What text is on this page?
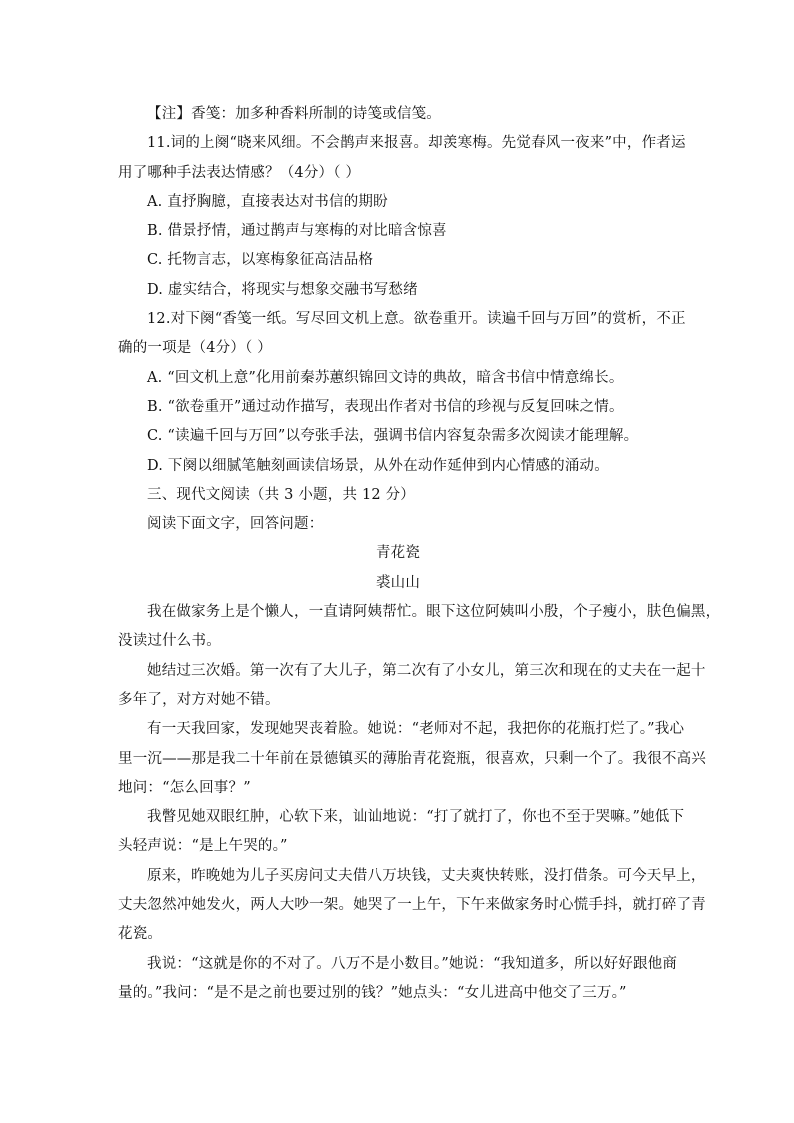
【注】香笺：加多种香料所制的诗笺或信笺。
11.词的上阕“晓来风细。不会鹊声来报喜。却羡寒梅。先觉春风一夜来”中，作者运
用了哪种手法表达情感？（4分）（ ）
A. 直抒胸臆，直接表达对书信的期盼
B. 借景抒情，通过鹊声与寒梅的对比暗含惊喜
C. 托物言志，以寒梅象征高洁品格
D. 虚实结合，将现实与想象交融书写愁绪
12.对下阕“香笺一纸。写尽回文机上意。欲卷重开。读遍千回与万回”的赏析，不正
确的一项是（4分）（ ）
A. “回文机上意”化用前秦苏蕙织锦回文诗的典故，暗含书信中情意绵长。
B. “欲卷重开”通过动作描写，表现出作者对书信的珍视与反复回味之情。
C. “读遍千回与万回”以夸张手法，强调书信内容复杂需多次阅读才能理解。
D. 下阕以细腻笔触刻画读信场景，从外在动作延伸到内心情感的涌动。
三、现代文阅读（共 3 小题，共 12 分）
阅读下面文字，回答问题：
青花瓷
裘山山
我在做家务上是个懒人，一直请阿姨帮忙。眼下这位阿姨叫小殷，个子瘦小，肤色偏黑，
没读过什么书。
她结过三次婚。第一次有了大儿子，第二次有了小女儿，第三次和现在的丈夫在一起十
多年了，对方对她不错。
有一天我回家，发现她哭丧着脸。她说：“老师对不起，我把你的花瓶打烂了。”我心
里一沉——那是我二十年前在景德镇买的薄胎青花瓷瓶，很喜欢，只剩一个了。我很不高兴
地问：“怎么回事？”
我瞥见她双眼红肿，心软下来，讪讪地说：“打了就打了，你也不至于哭嘛。”她低下
头轻声说：“是上午哭的。”
原来，昨晚她为儿子买房问丈夫借八万块钱，丈夫爽快转账，没打借条。可今天早上，
丈夫忽然冲她发火，两人大吵一架。她哭了一上午，下午来做家务时心慌手抖，就打碎了青
花瓷。
我说：“这就是你的不对了。八万不是小数目。”她说：“我知道多，所以好好跟他商
量的。”我问：“是不是之前也要过别的钱？”她点头：“女儿进高中他交了三万。”
